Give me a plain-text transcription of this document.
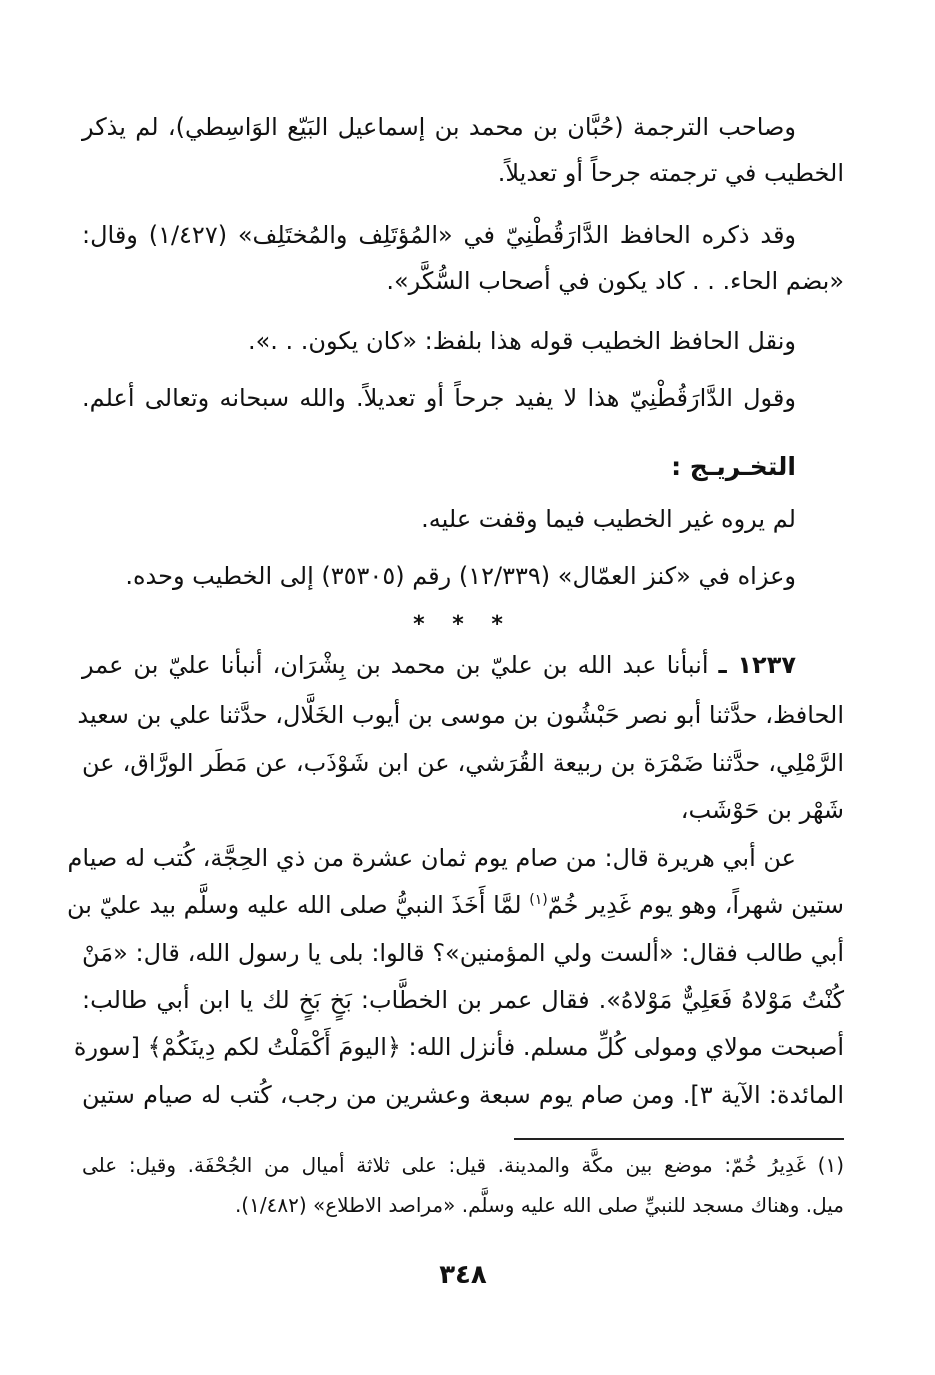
وصاحب الترجمة (حُبَّان بن محمد بن إسماعيل البَيّع الوَاسِطي)، لم يذكر
الخطيب في ترجمته جرحاً أو تعديلاً.
وقد ذكره الحافظ الدَّارَقُطْنِيّ في «المُؤتَلِف والمُختَلِف» (١/٤٢٧) وقال:
«بضم الحاء. . . كاد يكون في أصحاب السُّكَّر».
ونقل الحافظ الخطيب قوله هذا بلفظ: «كان يكون. . .».
وقول الدَّارَقُطْنِيّ هذا لا يفيد جرحاً أو تعديلاً. والله سبحانه وتعالى أعلم.
التخـريـج :
لم يروه غير الخطيب فيما وقفت عليه.
وعزاه في «كنز العمّال» (١٢/٣٣٩) رقم (٣٥٣٠٥) إلى الخطيب وحده.
* * *
١٢٣٧ ـ أنبأنا عبد الله بن عليّ بن محمد بن بِشْرَان، أنبأنا عليّ بن عمر
الحافظ، حدَّثنا أبو نصر حَبْشُون بن موسى بن أيوب الخَلَّال، حدَّثنا علي بن سعيد
الرَّمْلِي، حدَّثنا ضَمْرَة بن ربيعة القُرَشي، عن ابن شَوْذَب، عن مَطَر الورَّاق، عن
شَهْر بن حَوْشَب،
عن أبي هريرة قال: من صام يوم ثمان عشرة من ذي الحِجَّة، كُتب له صيام
ستين شهراً، وهو يوم غَدِير خُمّ$^{(١)}$ لمَّا أَخَذَ النبيُّ صلى الله عليه وسلَّم بيد عليّ بن
أبي طالب فقال: «ألست ولي المؤمنين»؟ قالوا: بلى يا رسول الله، قال: «مَنْ
كُنْتُ مَوْلاهُ فَعَلِيٌّ مَوْلاهُ». فقال عمر بن الخطَّاب: بَخٍ بَخٍ لك يا ابن أبي طالب:
أصبحت مولاي ومولى كُلِّ مسلم. فأنزل الله: ﴿اليومَ أَكْمَلْتُ لكم دِينَكُمْ﴾ [سورة
المائدة: الآية ٣]. ومن صام يوم سبعة وعشرين من رجب، كُتب له صيام ستين
(١) غَدِيرُ خُمّ: موضع بين مكَّة والمدينة. قيل: على ثلاثة أميال من الجُحْفَة. وقيل: على
ميل. وهناك مسجد للنبيِّ صلى الله عليه وسلَّم. «مراصد الاطلاع» (١/٤٨٢).
٣٤٨
